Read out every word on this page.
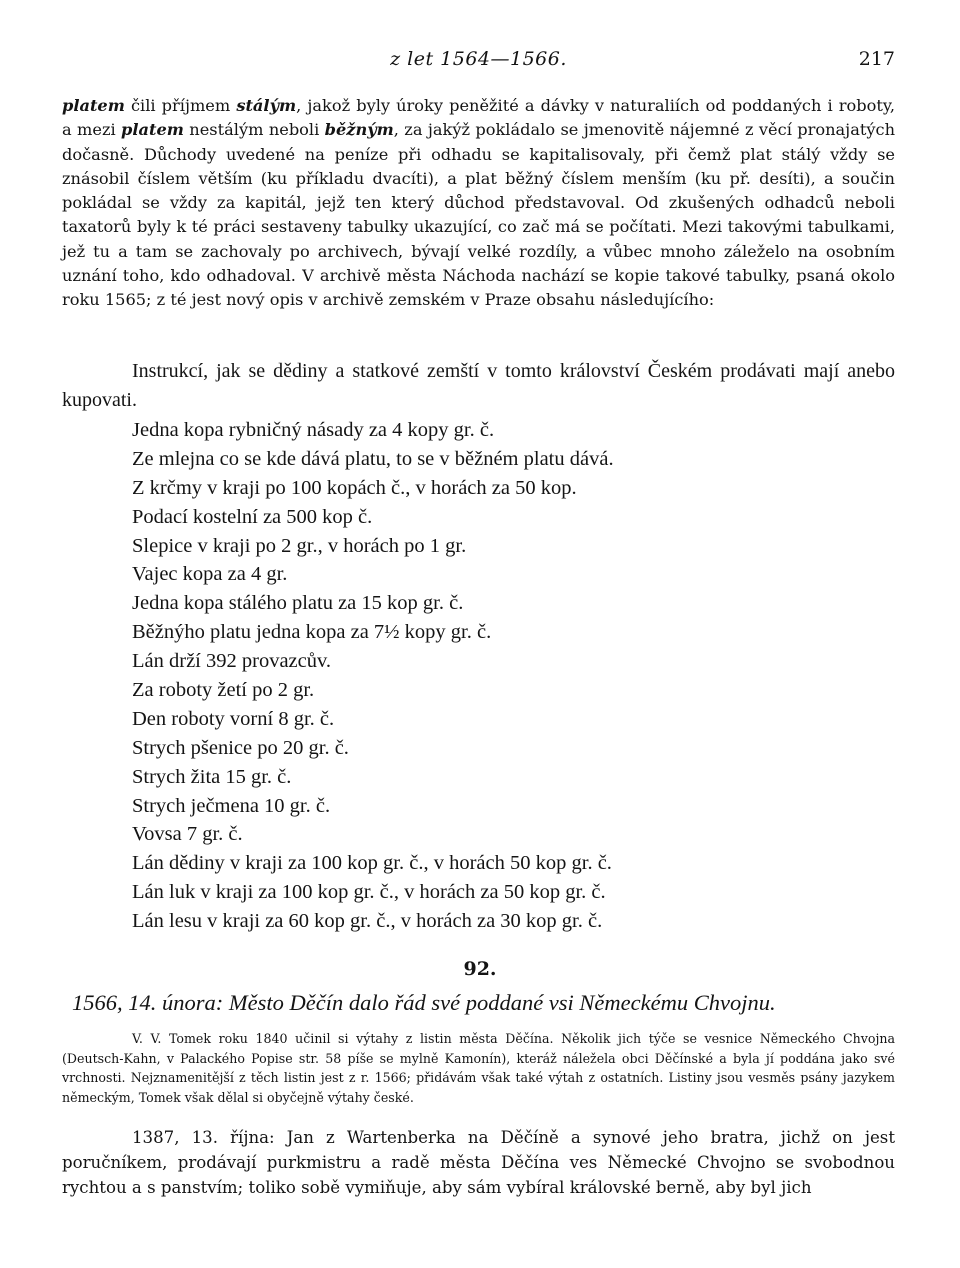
z let 1564—1566.	217

platem čili příjmem stálým, jakož byly úroky peněžité a dávky v naturaliích od poddaných i roboty, a mezi platem nestálým neboli běžným, za jakýž pokládalo se jmenovitě nájemné z věcí pronajatých dočasně. Důchody uvedené na peníze při odhadu se kapitalisovaly, při čemž plat stálý vždy se znásobil číslem větším (ku příkladu dvacíti), a plat běžný číslem menším (ku př. desíti), a součin pokládal se vždy za kapitál, jejž ten který důchod představoval. Od zkušených odhadců neboli taxatorů byly k té práci sestaveny tabulky ukazující, co zač má se počítati. Mezi takovými tabulkami, jež tu a tam se zachovaly po archivech, bývají velké rozdíly, a vůbec mnoho záleželo na osobním uznání toho, kdo odhadoval. V archivě města Náchoda nachází se kopie takové tabulky, psaná okolo roku 1565; z té jest nový opis v archivě zemském v Praze obsahu následujícího:

Instrukcí, jak se dědiny a statkové zemští v tomto království Českém prodávati mají anebo kupovati.

Jedna kopa rybničný násady za 4 kopy gr. č.
Ze mlejna co se kde dává platu, to se v běžném platu dává.
Z krčmy v kraji po 100 kopách č., v horách za 50 kop.
Podací kostelní za 500 kop č.
Slepice v kraji po 2 gr., v horách po 1 gr.
Vajec kopa za 4 gr.
Jedna kopa stálého platu za 15 kop gr. č.
Běžnýho platu jedna kopa za 7½ kopy gr. č.
Lán drží 392 provazcův.
Za roboty žetí po 2 gr.
Den roboty vorní 8 gr. č.
Strych pšenice po 20 gr. č.
Strych žita 15 gr. č.
Strych ječmena 10 gr. č.
Vovsa 7 gr. č.
Lán dědiny v kraji za 100 kop gr. č., v horách 50 kop gr. č.
Lán luk v kraji za 100 kop gr. č., v horách za 50 kop gr. č.
Lán lesu v kraji za 60 kop gr. č., v horách za 30 kop gr. č.
92.

1566, 14. února: Město Děčín dalo řád své poddané vsi Německému Chvojnu.

V. V. Tomek roku 1840 učinil si výtahy z listin města Děčína. Několik jich týče se vesnice Německého Chvojna (Deutsch-Kahn, v Palackého Popise str. 58 píše se mylně Kamonín), kteráž náležela obci Děčínské a byla jí poddána jako své vrchnosti. Nejznamenitější z těch listin jest z r. 1566; přidávám však také výtah z ostatních. Listiny jsou vesměs psány jazykem německým, Tomek však dělal si obyčejně výtahy české.

1387, 13. října: Jan z Wartenberka na Děčíně a synové jeho bratra, jichž on jest poručníkem, prodávají purkmistru a radě města Děčína ves Německé Chvojno se svobodnou rychtou a s panstvím; toliko sobě vymiňuje, aby sám vybíral královské berně, aby byl jich
